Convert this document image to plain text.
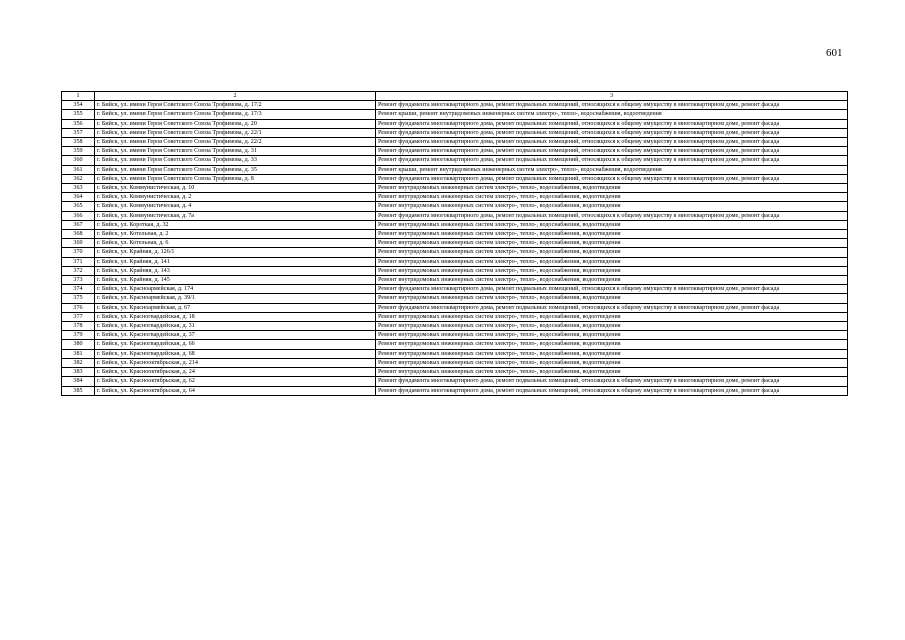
601
1	2	3
354	г. Бийск, ул. имени Героя Советского Союза Трофимова, д. 17/2	Ремонт фундамента многоквартирного дома, ремонт подвальных помещений, относящихся к общему имуществу в многоквартирном доме, ремонт фасада
355	г. Бийск, ул. имени Героя Советского Союза Трофимова, д. 17/3	Ремонт крыши, ремонт внутридомовых инженерных систем электро-, тепло-, водоснабжения, водоотведения
356	г. Бийск, ул. имени Героя Советского Союза Трофимова, д. 20	Ремонт фундамента многоквартирного дома, ремонт подвальных помещений, относящихся к общему имуществу в многоквартирном доме, ремонт фасада
357	г. Бийск, ул. имени Героя Советского Союза Трофимова, д. 22/1	Ремонт фундамента многоквартирного дома, ремонт подвальных помещений, относящихся к общему имуществу в многоквартирном доме, ремонт фасада
358	г. Бийск, ул. имени Героя Советского Союза Трофимова, д. 22/2	Ремонт фундамента многоквартирного дома, ремонт подвальных помещений, относящихся к общему имуществу в многоквартирном доме, ремонт фасада
359	г. Бийск, ул. имени Героя Советского Союза Трофимова, д. 31	Ремонт фундамента многоквартирного дома, ремонт подвальных помещений, относящихся к общему имуществу в многоквартирном доме, ремонт фасада
360	г. Бийск, ул. имени Героя Советского Союза Трофимова, д. 33	Ремонт фундамента многоквартирного дома, ремонт подвальных помещений, относящихся к общему имуществу в многоквартирном доме, ремонт фасада
361	г. Бийск, ул. имени Героя Советского Союза Трофимова, д. 35	Ремонт крыши, ремонт внутридомовых инженерных систем электро-, тепло-, водоснабжения, водоотведения
362	г. Бийск, ул. имени Героя Советского Союза Трофимова, д. 8	Ремонт фундамента многоквартирного дома, ремонт подвальных помещений, относящихся к общему имуществу в многоквартирном доме, ремонт фасада
363	г. Бийск, ул. Коммунистическая, д. 10	Ремонт внутридомовых инженерных систем электро-, тепло-, водоснабжения, водоотведения
364	г. Бийск, ул. Коммунистическая, д. 2	Ремонт внутридомовых инженерных систем электро-, тепло-, водоснабжения, водоотведения
365	г. Бийск, ул. Коммунистическая, д. 4	Ремонт внутридомовых инженерных систем электро-, тепло-, водоснабжения, водоотведения
366	г. Бийск, ул. Коммунистическая, д. 7а	Ремонт фундамента многоквартирного дома, ремонт подвальных помещений, относящихся к общему имуществу в многоквартирном доме, ремонт фасада
367	г. Бийск, ул. Короткая, д. 32	Ремонт внутридомовых инженерных систем электро-, тепло-, водоснабжения, водоотведения
368	г. Бийск, ул. Котельная, д. 2	Ремонт внутридомовых инженерных систем электро-, тепло-, водоснабжения, водоотведения
369	г. Бийск, ул. Котельная, д. 6	Ремонт внутридомовых инженерных систем электро-, тепло-, водоснабжения, водоотведения
370	г. Бийск, ул. Крайняя, д. 126/1	Ремонт внутридомовых инженерных систем электро-, тепло-, водоснабжения, водоотведения
371	г. Бийск, ул. Крайняя, д. 141	Ремонт внутридомовых инженерных систем электро-, тепло-, водоснабжения, водоотведения
372	г. Бийск, ул. Крайняя, д. 143	Ремонт внутридомовых инженерных систем электро-, тепло-, водоснабжения, водоотведения
373	г. Бийск, ул. Крайняя, д. 145	Ремонт внутридомовых инженерных систем электро-, тепло-, водоснабжения, водоотведения
374	г. Бийск, ул. Красноармейская, д. 174	Ремонт фундамента многоквартирного дома, ремонт подвальных помещений, относящихся к общему имуществу в многоквартирном доме, ремонт фасада
375	г. Бийск, ул. Красноармейская, д. 39/1	Ремонт внутридомовых инженерных систем электро-, тепло-, водоснабжения, водоотведения
376	г. Бийск, ул. Красноармейская, д. 67	Ремонт фундамента многоквартирного дома, ремонт подвальных помещений, относящихся к общему имуществу в многоквартирном доме, ремонт фасада
377	г. Бийск, ул. Красногвардейская, д. 18	Ремонт внутридомовых инженерных систем электро-, тепло-, водоснабжения, водоотведения
378	г. Бийск, ул. Красногвардейская, д. 31	Ремонт внутридомовых инженерных систем электро-, тепло-, водоснабжения, водоотведения
379	г. Бийск, ул. Красногвардейская, д. 37	Ремонт внутридомовых инженерных систем электро-, тепло-, водоснабжения, водоотведения
380	г. Бийск, ул. Красногвардейская, д. 66	Ремонт внутридомовых инженерных систем электро-, тепло-, водоснабжения, водоотведения
381	г. Бийск, ул. Красногвардейская, д. 68	Ремонт внутридомовых инженерных систем электро-, тепло-, водоснабжения, водоотведения
382	г. Бийск, ул. Красноoктябрьская, д. 214	Ремонт внутридомовых инженерных систем электро-, тепло-, водоснабжения, водоотведения
383	г. Бийск, ул. Красноoктябрьская, д. 24	Ремонт внутридомовых инженерных систем электро-, тепло-, водоснабжения, водоотведения
384	г. Бийск, ул. Красноoктябрьская, д. 62	Ремонт фундамента многоквартирного дома, ремонт подвальных помещений, относящихся к общему имуществу в многоквартирном доме, ремонт фасада
385	г. Бийск, ул. Красноoктябрьская, д. 64	Ремонт фундамента многоквартирного дома, ремонт подвальных помещений, относящихся к общему имуществу в многоквартирном доме, ремонт фасада
